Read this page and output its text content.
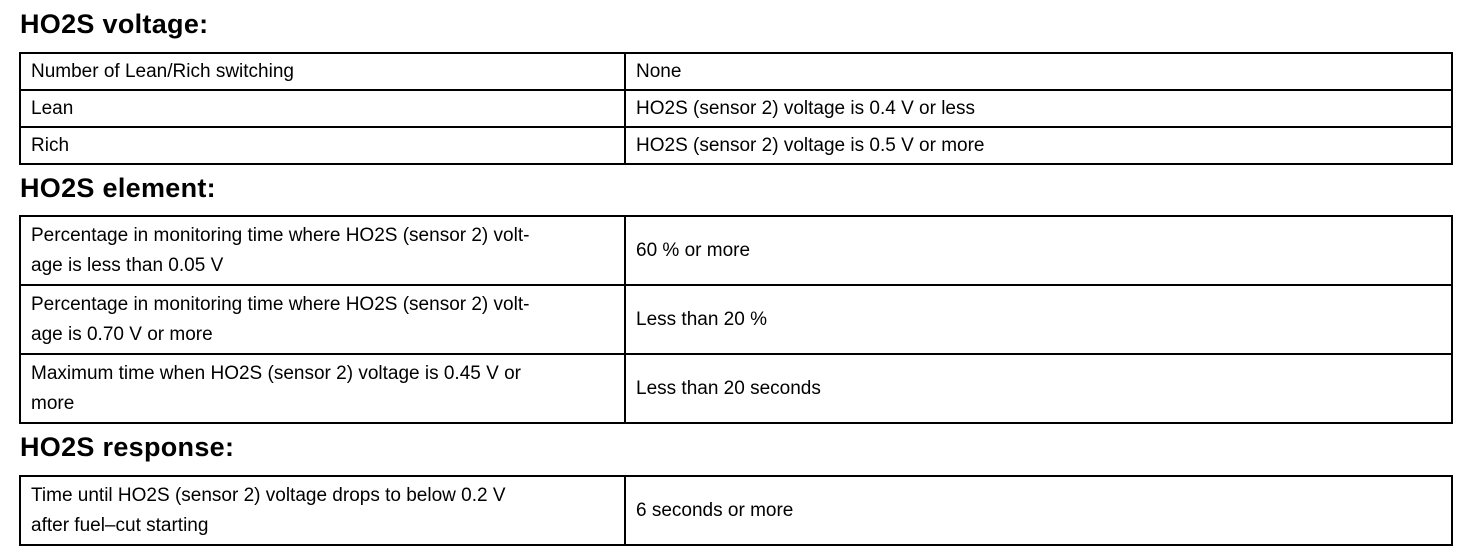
HO2S voltage:
Number of Lean/Rich switching	None
Lean	HO2S (sensor 2) voltage is 0.4 V or less
Rich	HO2S (sensor 2) voltage is 0.5 V or more
HO2S element:
Percentage in monitoring time where HO2S (sensor 2) volt-
age is less than 0.05 V	60 % or more
Percentage in monitoring time where HO2S (sensor 2) volt-
age is 0.70 V or more	Less than 20 %
Maximum time when HO2S (sensor 2) voltage is 0.45 V or
more	Less than 20 seconds
HO2S response:
Time until HO2S (sensor 2) voltage drops to below 0.2 V
after fuel–cut starting	6 seconds or more
